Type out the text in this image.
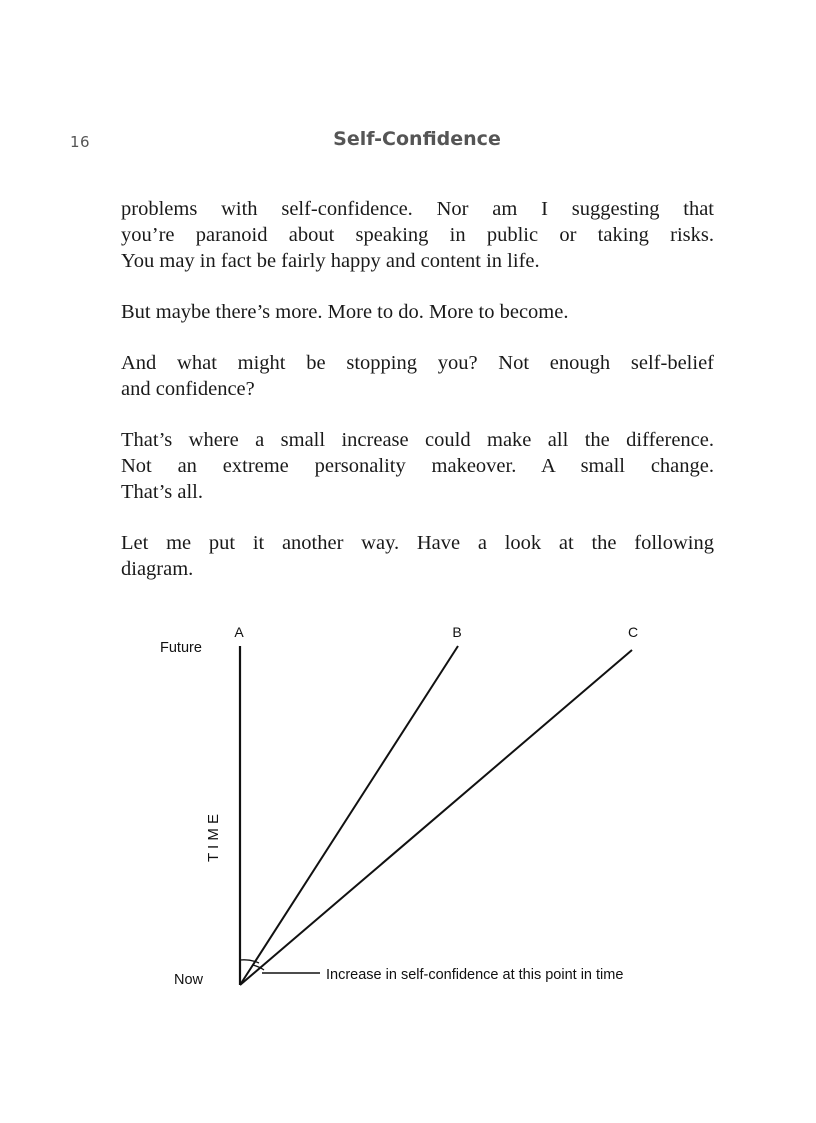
16	Self-Confidence

problems with self-confidence. Nor am I suggesting that
you’re paranoid about speaking in public or taking risks.
You may in fact be fairly happy and content in life.

But maybe there’s more. More to do. More to become.

And what might be stopping you? Not enough self-belief
and confidence?

That’s where a small increase could make all the difference.
Not an extreme personality makeover. A small change.
That’s all.

Let me put it another way. Have a look at the following
diagram.

A	B	C
Future
Now
T I M E
Increase in self-confidence at this point in time
